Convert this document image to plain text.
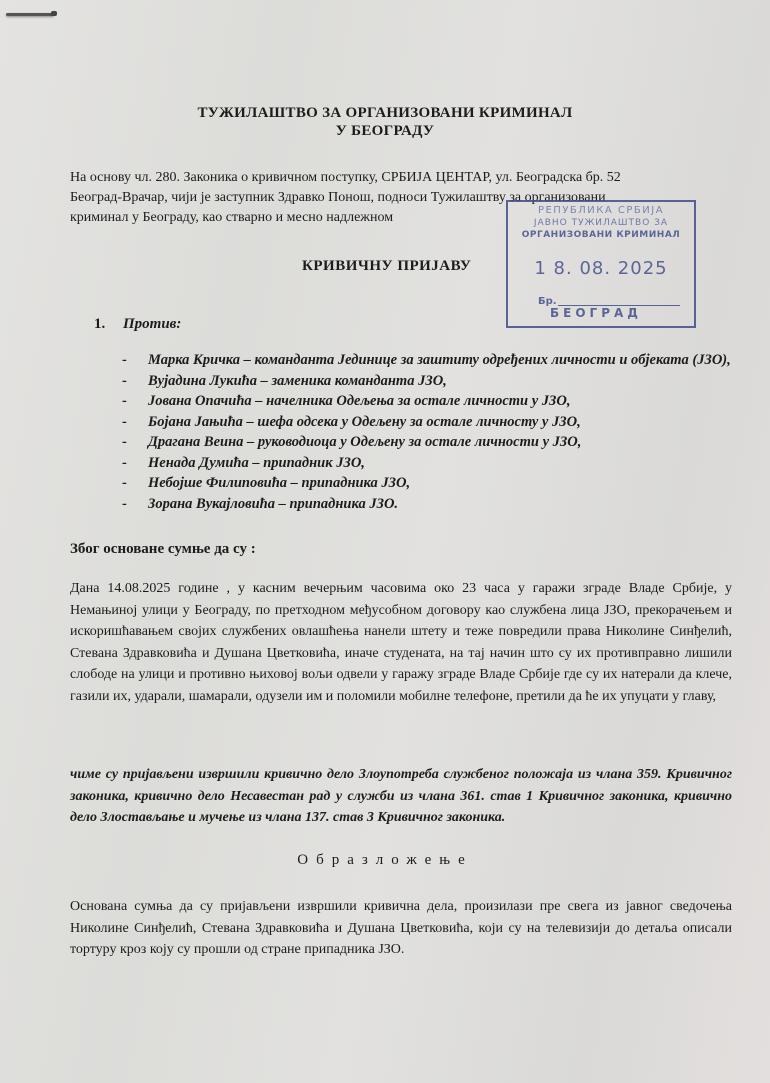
ТУЖИЛАШТВО ЗА ОРГАНИЗОВАНИ КРИМИНАЛ
У БЕОГРАДУ
На основу чл. 280. Законика о кривичном поступку, СРБИЈА ЦЕНТАР, ул. Београдска бр. 52
Београд-Врачар, чији је заступник Здравко Понош, подноси Тужилаштву за организовани
криминал у Београду, као стварно и месно надлежном	РЕПУБЛИКА СРБИЈА
ЈАВНО ТУЖИЛАШТВО ЗА
ОРГАНИЗОВАНИ КРИМИНАЛ
1 8. 08. 2025
Бр.
БЕОГРАД
КРИВИЧНУ ПРИЈАВУ
1. Против:
- Марка Кричка – команданта Јединице за заштиту одређених личности и објеката (ЈЗО),
- Вујадина Лукића – заменика команданта ЈЗО,
- Јована Опачића – начелника Одељења за остале личности у ЈЗО,
- Бојана Јањића – шефа одсека у Одељену за остале личносту у ЈЗО,
- Драгана Веина – руководиоца у Одељену за остале личности у ЈЗО,
- Ненада Думића – припадник ЈЗО,
- Небојше Филиповића – припадника ЈЗО,
- Зорана Вукајловића – припадника ЈЗО.
Због основане сумње да су :
Дана 14.08.2025 године , у касним вечерњим часовима око 23 часа у гаражи зграде Владе Србије, у Немањиној улици у Београду, по претходном међусобном договору као службена лица ЈЗО, прекорачењем и искоришћавањем својих службених овлашћења нанели штету и теже повредили права Николине Синђелић, Стевана Здравковића и Душана Цветковића, иначе студената, на тај начин што су их противправно лишили слободе на улици и противно њиховој вољи одвели у гаражу зграде Владе Србије где су их натерали да клече, газили их, ударали, шамарали, одузели им и поломили мобилне телефоне, претили да ће их упуцати у главу,
чиме су пријављени извршили кривично дело Злоупотреба службеног положаја из члана 359. Кривичног законика, кривично дело Несавестан рад у служби из члана 361. став 1 Кривичног законика, кривично дело Злостављање и мучење из члана 137. став 3 Кривичног законика.
Образложење
Основана сумња да су пријављени извршили кривична дела, произилази пре свега из јавног сведочења Николине Синђелић, Стевана Здравковића и Душана Цветковића, који су на телевизији до детаља описали тортуру кроз коју су прошли од стране припадника ЈЗО.
